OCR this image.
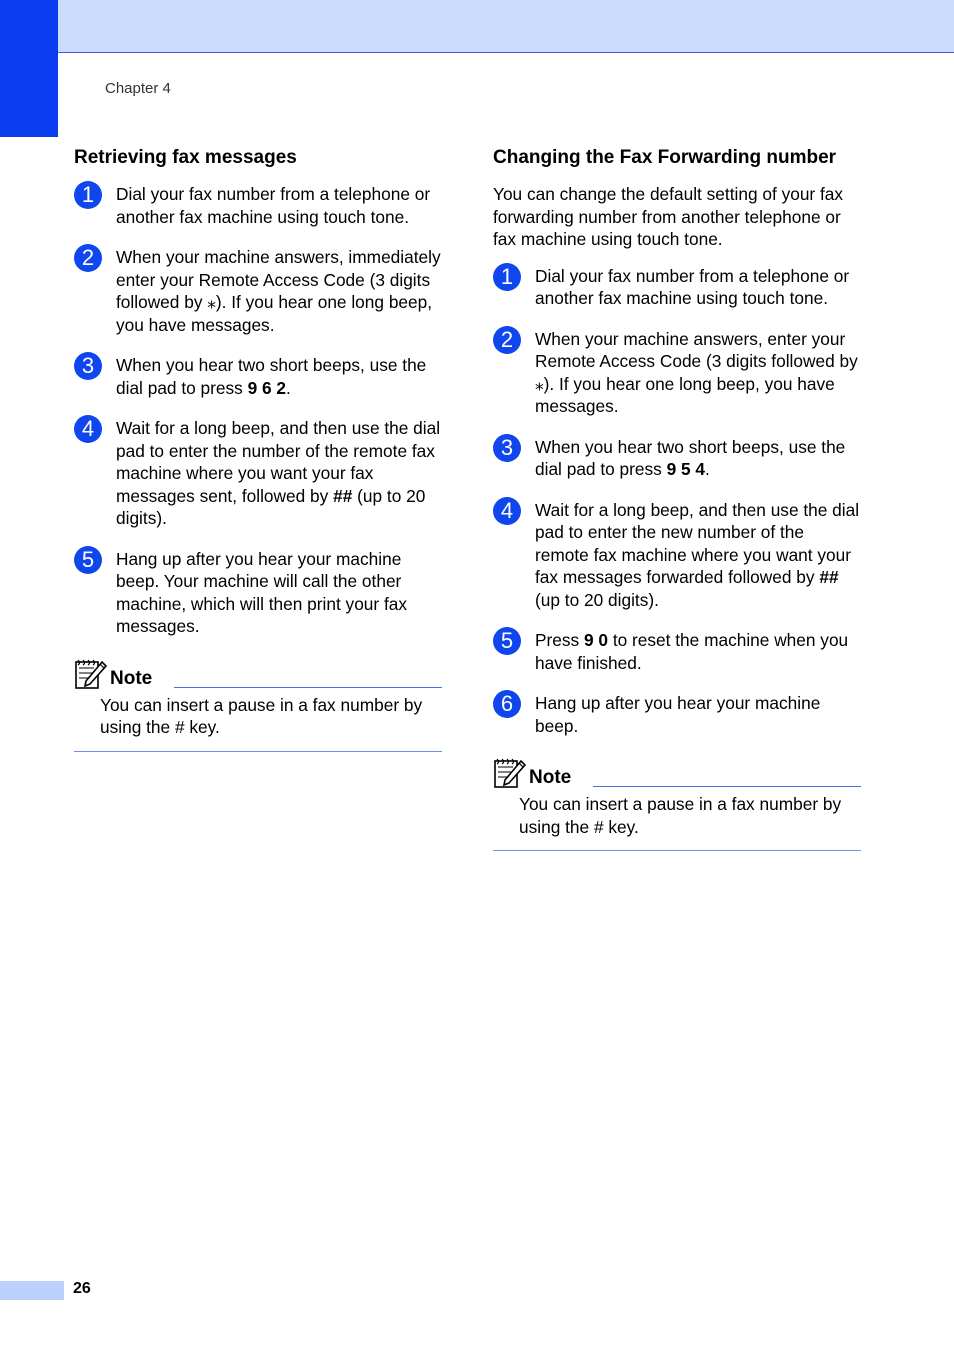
Chapter 4
Retrieving fax messages
1	Dial your fax number from a telephone or another fax machine using touch tone.
2	When your machine answers, immediately enter your Remote Access Code (3 digits followed by ⁎). If you hear one long beep, you have messages.
3	When you hear two short beeps, use the dial pad to press 9 6 2.
4	Wait for a long beep, and then use the dial pad to enter the number of the remote fax machine where you want your fax messages sent, followed by ## (up to 20 digits).
5	Hang up after you hear your machine beep. Your machine will call the other machine, which will then print your fax messages.
Note
You can insert a pause in a fax number by using the # key.
Changing the Fax Forwarding number

You can change the default setting of your fax forwarding number from another telephone or fax machine using touch tone.

1	Dial your fax number from a telephone or another fax machine using touch tone.
2	When your machine answers, enter your Remote Access Code (3 digits followed by ⁎). If you hear one long beep, you have messages.
3	When you hear two short beeps, use the dial pad to press 9 5 4.
4	Wait for a long beep, and then use the dial pad to enter the new number of the remote fax machine where you want your fax messages forwarded followed by ## (up to 20 digits).
5	Press 9 0 to reset the machine when you have finished.
6	Hang up after you hear your machine beep.
Note
You can insert a pause in a fax number by using the # key.
26
